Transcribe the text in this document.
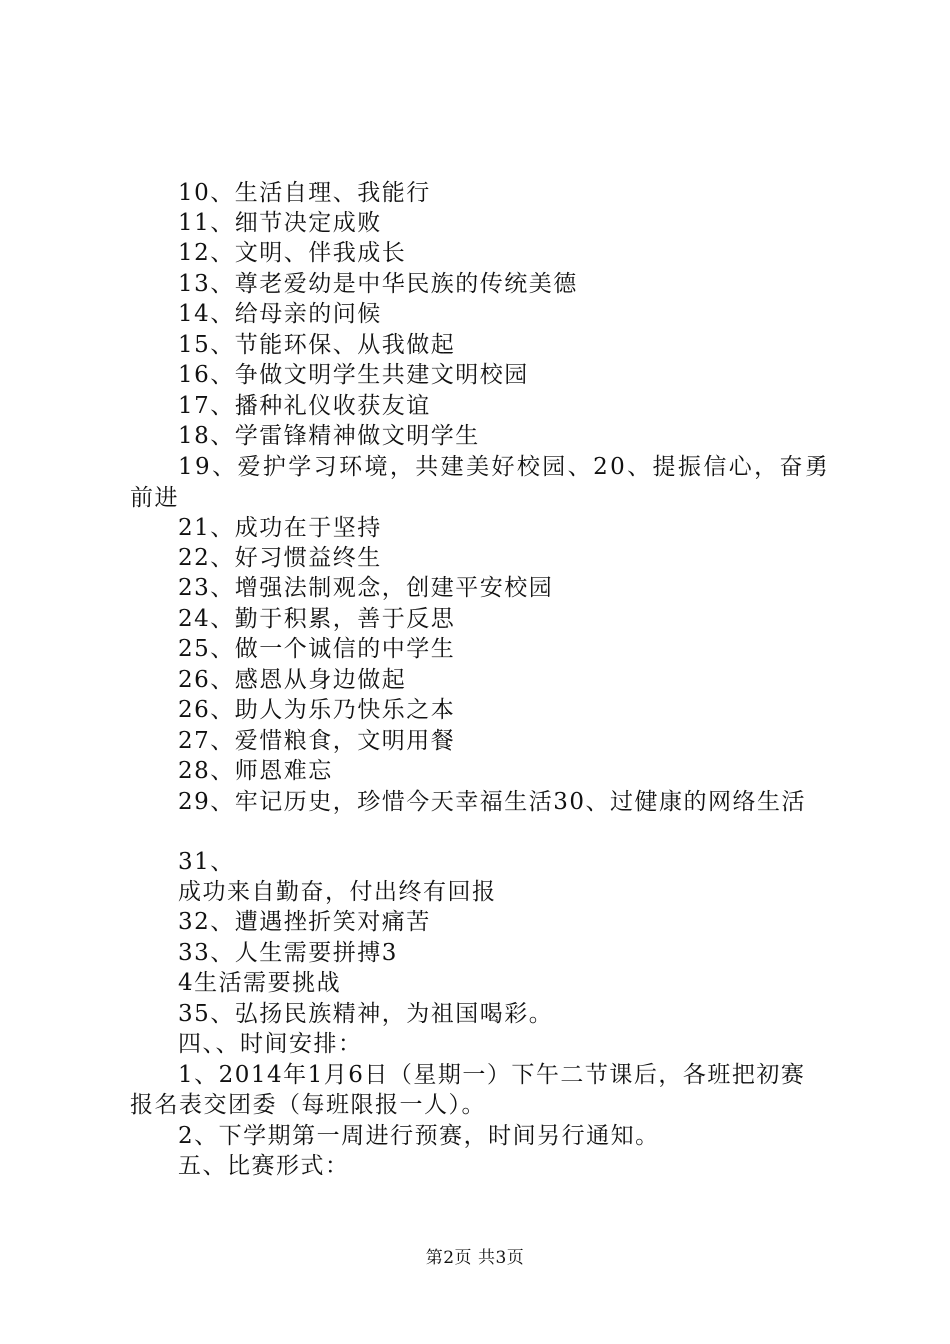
10、生活自理、我能行
11、细节决定成败
12、文明、伴我成长
13、尊老爱幼是中华民族的传统美德
14、给母亲的问候
15、节能环保、从我做起
16、争做文明学生共建文明校园
17、播种礼仪收获友谊
18、学雷锋精神做文明学生
19、爱护学习环境，共建美好校园、20、提振信心，奋勇
前进
21、成功在于坚持
22、好习惯益终生
23、增强法制观念，创建平安校园
24、勤于积累，善于反思
25、做一个诚信的中学生
26、感恩从身边做起
26、助人为乐乃快乐之本
27、爱惜粮食，文明用餐
28、师恩难忘
29、牢记历史，珍惜今天幸福生活30、过健康的网络生活
31、
成功来自勤奋，付出终有回报
32、遭遇挫折笑对痛苦
33、人生需要拼搏3
4生活需要挑战
35、弘扬民族精神，为祖国喝彩。
四、、时间安排：
1、2014年1月6日（星期一）下午二节课后，各班把初赛
报名表交团委（每班限报一人）。
2、下学期第一周进行预赛，时间另行通知。
五、比赛形式：
第2页 共3页
